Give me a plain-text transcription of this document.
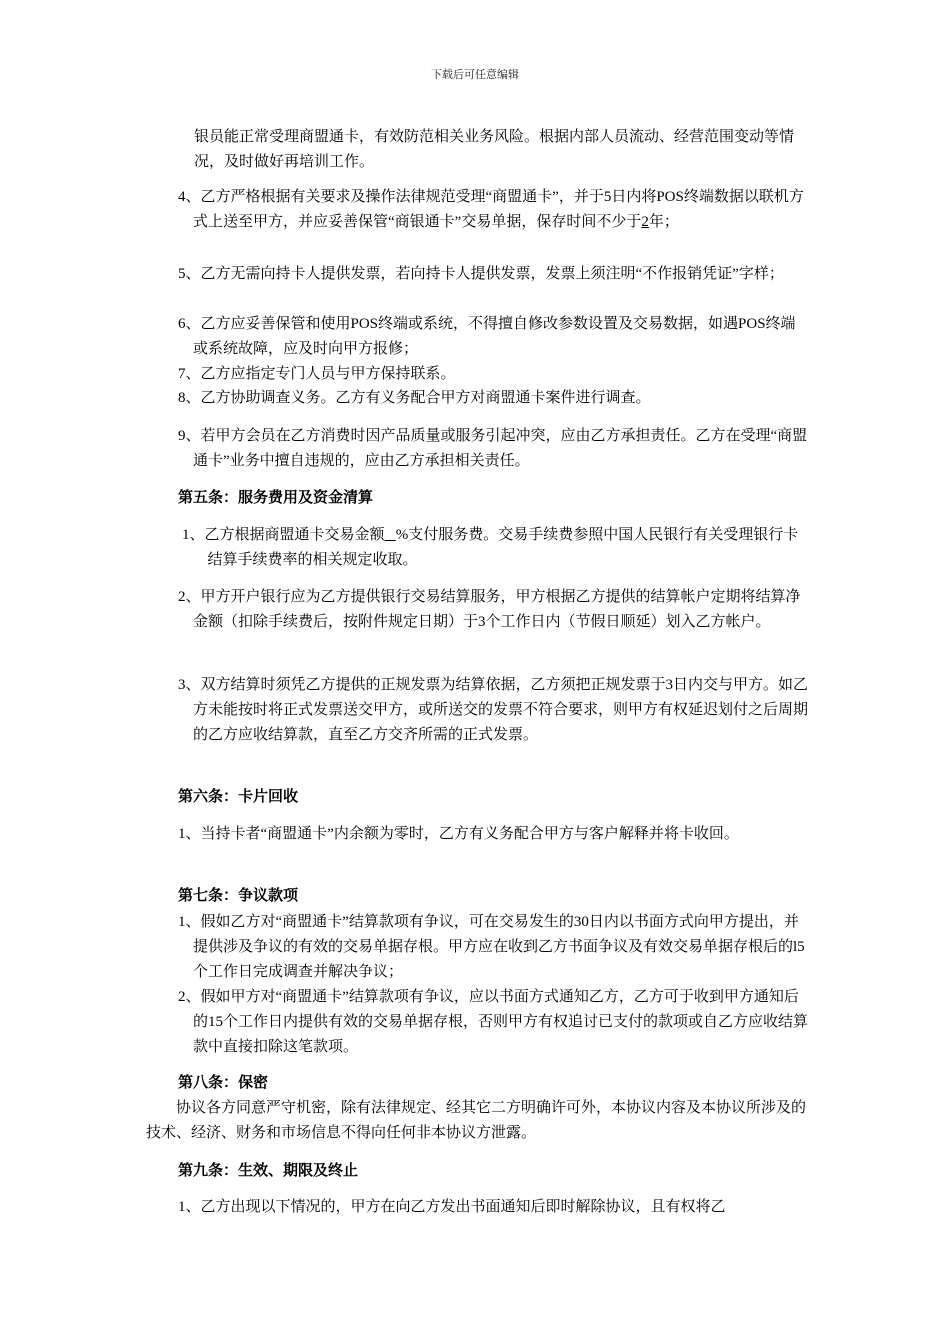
下载后可任意编辑
银员能正常受理商盟通卡，有效防范相关业务风险。根据内部人员流动、经营范围变动等情况，及时做好再培训工作。
4、乙方严格根据有关要求及操作法律规范受理“商盟通卡”，并于5日内将POS终端数据以联机方式上送至甲方，并应妥善保管“商银通卡”交易单据，保存时间不少于2年；
5、乙方无需向持卡人提供发票，若向持卡人提供发票，发票上须注明“不作报销凭证”字样；
6、乙方应妥善保管和使用POS终端或系统，不得擅自修改参数设置及交易数据，如遇POS终端或系统故障，应及时向甲方报修；
7、乙方应指定专门人员与甲方保持联系。
8、乙方协助调查义务。乙方有义务配合甲方对商盟通卡案件进行调查。
9、若甲方会员在乙方消费时因产品质量或服务引起冲突，应由乙方承担责任。乙方在受理“商盟通卡”业务中擅自违规的，应由乙方承担相关责任。
第五条：服务费用及资金清算
1、乙方根据商盟通卡交易金额 %支付服务费。交易手续费参照中国人民银行有关受理银行卡结算手续费率的相关规定收取。
2、甲方开户银行应为乙方提供银行交易结算服务，甲方根据乙方提供的结算帐户定期将结算净金额（扣除手续费后，按附件规定日期）于3个工作日内（节假日顺延）划入乙方帐户。
3、双方结算时须凭乙方提供的正规发票为结算依据，乙方须把正规发票于3日内交与甲方。如乙方未能按时将正式发票送交甲方，或所送交的发票不符合要求，则甲方有权延迟划付之后周期的乙方应收结算款，直至乙方交齐所需的正式发票。
第六条：卡片回收
1、当持卡者“商盟通卡”内余额为零时，乙方有义务配合甲方与客户解释并将卡收回。
第七条：争议款项
1、假如乙方对“商盟通卡”结算款项有争议，可在交易发生的30日内以书面方式向甲方提出，并提供涉及争议的有效的交易单据存根。甲方应在收到乙方书面争议及有效交易单据存根后的l5个工作日完成调查并解决争议；
2、假如甲方对“商盟通卡”结算款项有争议，应以书面方式通知乙方，乙方可于收到甲方通知后的15个工作日内提供有效的交易单据存根，否则甲方有权追讨已支付的款项或自乙方应收结算款中直接扣除这笔款项。
第八条：保密
协议各方同意严守机密，除有法律规定、经其它二方明确许可外，本协议内容及本协议所涉及的技术、经济、财务和市场信息不得向任何非本协议方泄露。
第九条：生效、期限及终止
1、乙方出现以下情况的，甲方在向乙方发出书面通知后即时解除协议，且有权将乙
